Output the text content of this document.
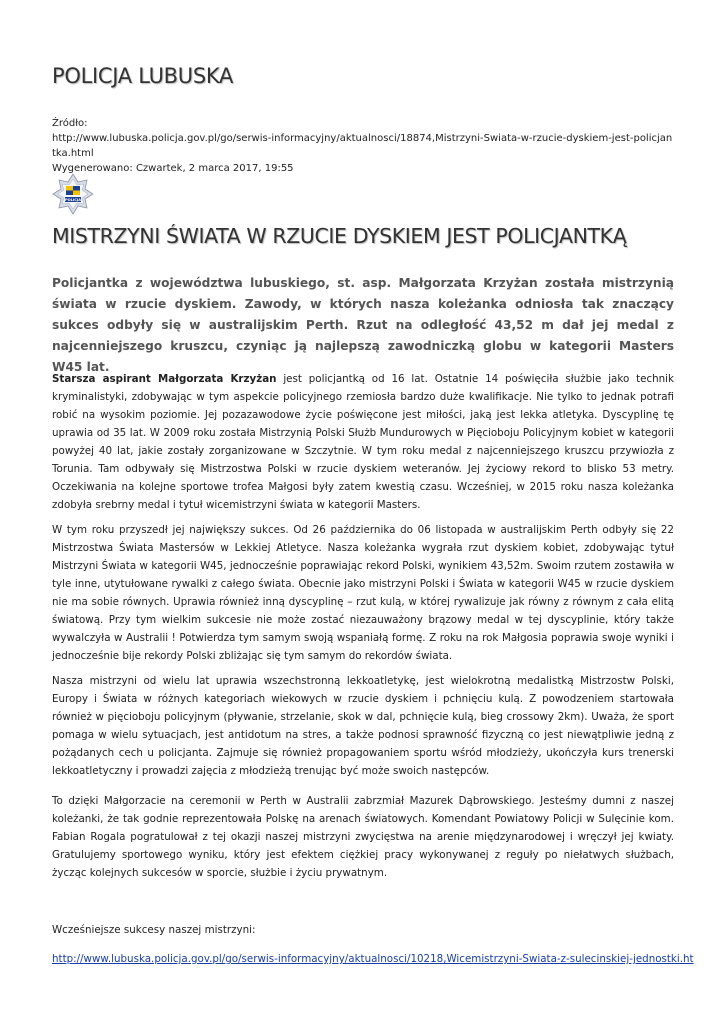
POLICJA LUBUSKA
Źródło:
http://www.lubuska.policja.gov.pl/go/serwis-informacyjny/aktualnosci/18874,Mistrzyni-Swiata-w-rzucie-dyskiem-jest-policjantka.html
Wygenerowano: Czwartek, 2 marca 2017, 19:55
POLICJA
MISTRZYNI ŚWIATA W RZUCIE DYSKIEM JEST POLICJANTKĄ

Policjantka z województwa lubuskiego, st. asp. Małgorzata Krzyżan została mistrzynią świata w rzucie dyskiem. Zawody, w których nasza koleżanka odniosła tak znaczący sukces odbyły się w australijskim Perth. Rzut na odległość 43,52 m dał jej medal z najcenniejszego kruszcu, czyniąc ją najlepszą zawodniczką globu w kategorii Masters W45 lat.

Starsza aspirant Małgorzata Krzyżan jest policjantką od 16 lat. Ostatnie 14 poświęciła służbie jako technik kryminalistyki, zdobywając w tym aspekcie policyjnego rzemiosła bardzo duże kwalifikacje. Nie tylko to jednak potrafi robić na wysokim poziomie. Jej pozazawodowe życie poświęcone jest miłości, jaką jest lekka atletyka. Dyscyplinę tę uprawia od 35 lat. W 2009 roku została Mistrzynią Polski Służb Mundurowych w Pięcioboju Policyjnym kobiet w kategorii powyżej 40 lat, jakie zostały zorganizowane w Szczytnie. W tym roku medal z najcenniejszego kruszcu przywiozła z Torunia. Tam odbywały się Mistrzostwa Polski w rzucie dyskiem weteranów. Jej życiowy rekord to blisko 53 metry. Oczekiwania na kolejne sportowe trofea Małgosi były zatem kwestią czasu. Wcześniej, w 2015 roku nasza koleżanka zdobyła srebrny medal i tytuł wicemistrzyni świata w kategorii Masters.

W tym roku przyszedł jej największy sukces. Od 26 października do 06 listopada w australijskim Perth odbyły się 22 Mistrzostwa Świata Mastersów w Lekkiej Atletyce. Nasza koleżanka wygrała rzut dyskiem kobiet, zdobywając tytuł Mistrzyni Świata w kategorii W45, jednocześnie poprawiając rekord Polski, wynikiem 43,52m. Swoim rzutem zostawiła w tyle inne, utytułowane rywalki z całego świata. Obecnie jako mistrzyni Polski i Świata w kategorii W45 w rzucie dyskiem nie ma sobie równych. Uprawia również inną dyscyplinę – rzut kulą, w której rywalizuje jak równy z równym z cała elitą światową. Przy tym wielkim sukcesie nie może zostać niezauważony brązowy medal w tej dyscyplinie, który także wywalczyła w Australii ! Potwierdza tym samym swoją wspaniałą formę. Z roku na rok Małgosia poprawia swoje wyniki i jednocześnie bije rekordy Polski zbliżając się tym samym do rekordów świata.

Nasza mistrzyni od wielu lat uprawia wszechstronną lekkoatletykę, jest wielokrotną medalistką Mistrzostw Polski, Europy i Świata w różnych kategoriach wiekowych w rzucie dyskiem i pchnięciu kulą. Z powodzeniem startowała również w pięcioboju policyjnym (pływanie, strzelanie, skok w dal, pchnięcie kulą, bieg crossowy 2km). Uważa, że sport pomaga w wielu sytuacjach, jest antidotum na stres, a także podnosi sprawność fizyczną co jest niewątpliwie jedną z pożądanych cech u policjanta. Zajmuje się również propagowaniem sportu wśród młodzieży, ukończyła kurs trenerski lekkoatletyczny i prowadzi zajęcia z młodzieżą trenując być może swoich następców.

To dzięki Małgorzacie na ceremonii w Perth w Australii zabrzmiał Mazurek Dąbrowskiego. Jesteśmy dumni z naszej koleżanki, że tak godnie reprezentowała Polskę na arenach światowych. Komendant Powiatowy Policji w Sulęcinie kom. Fabian Rogala pogratulował z tej okazji naszej mistrzyni zwycięstwa na arenie międzynarodowej i wręczył jej kwiaty. Gratulujemy sportowego wyniku, który jest efektem ciężkiej pracy wykonywanej z reguły po niełatwych służbach, życząc kolejnych sukcesów w sporcie, służbie i życiu prywatnym.

Wcześniejsze sukcesy naszej mistrzyni:

http://www.lubuska.policja.gov.pl/go/serwis-informacyjny/aktualnosci/10218,Wicemistrzyni-Swiata-z-sulecinskiej-jednostki.ht
